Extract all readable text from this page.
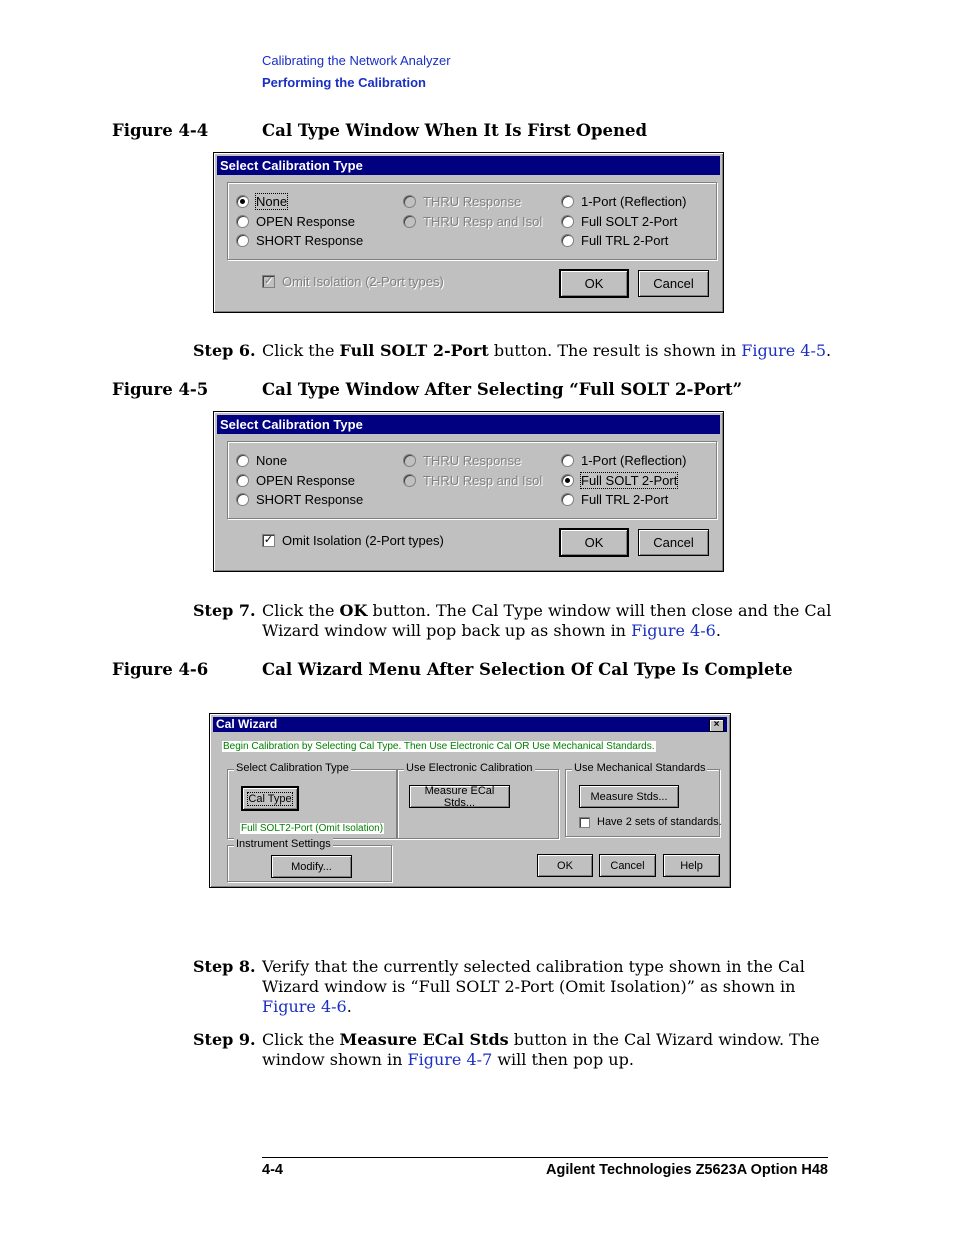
Calibrating the Network Analyzer
Performing the Calibration
Figure 4-4	Cal Type Window When It Is First Opened
Select Calibration Type
None
OPEN Response
SHORT Response
THRU Response
THRU Resp and Isol
1-Port (Reflection)
Full SOLT 2-Port
Full TRL 2-Port
✓ Omit Isolation (2-Port types)	OK	Cancel
Step 6. Click the Full SOLT 2-Port button. The result is shown in Figure 4-5.
Figure 4-5	Cal Type Window After Selecting “Full SOLT 2-Port”
Select Calibration Type
None
OPEN Response
SHORT Response
THRU Response
THRU Resp and Isol
1-Port (Reflection)
Full SOLT 2-Port
Full TRL 2-Port
✓ Omit Isolation (2-Port types)	OK	Cancel
Step 7. Click the OK button. The Cal Type window will then close and the Cal Wizard window will pop back up as shown in Figure 4-6.
Figure 4-6	Cal Wizard Menu After Selection Of Cal Type Is Complete
Cal Wizard	×
Begin Calibration by Selecting Cal Type. Then Use Electronic Cal OR Use Mechanical Standards.
Select Calibration Type
Cal Type
Full SOLT2-Port (Omit Isolation)
Use Electronic Calibration
Measure ECal Stds...
Use Mechanical Standards
Measure Stds...
Have 2 sets of standards.
Instrument Settings
Modify...	OK	Cancel	Help
Step 8. Verify that the currently selected calibration type shown in the Cal Wizard window is “Full SOLT 2-Port (Omit Isolation)” as shown in Figure 4-6.
Step 9. Click the Measure ECal Stds button in the Cal Wizard window. The window shown in Figure 4-7 will then pop up.
4-4	Agilent Technologies Z5623A Option H48
